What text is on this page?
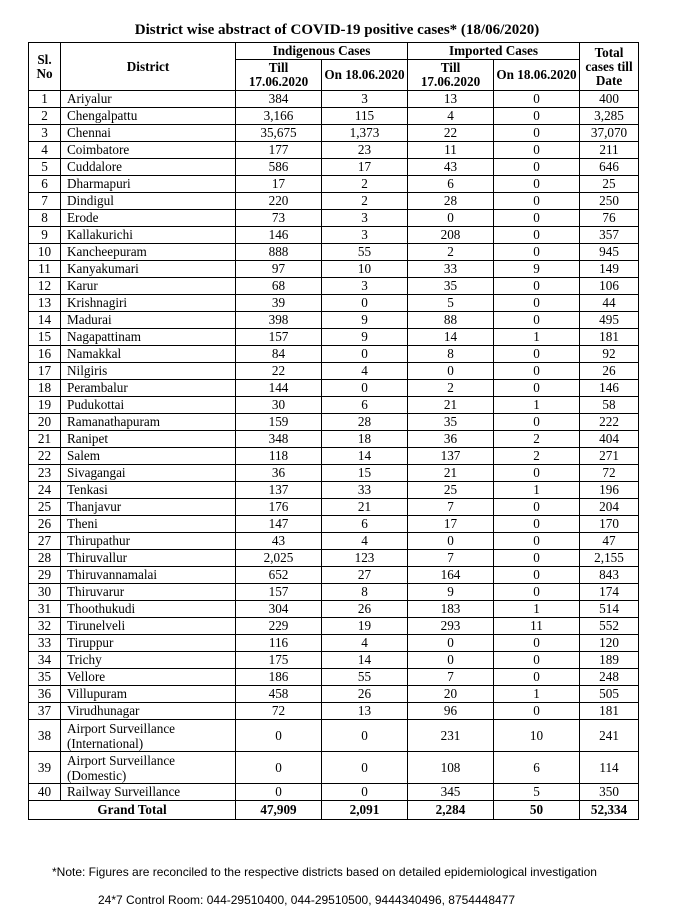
District wise abstract of COVID-19 positive cases* (18/06/2020)
Sl. No	District	Indigenous Cases		Imported Cases		Total cases till Date
		Till 17.06.2020	On 18.06.2020	Till 17.06.2020	On 18.06.2020	
1	Ariyalur	384	3	13	0	400
2	Chengalpattu	3,166	115	4	0	3,285
3	Chennai	35,675	1,373	22	0	37,070
4	Coimbatore	177	23	11	0	211
5	Cuddalore	586	17	43	0	646
6	Dharmapuri	17	2	6	0	25
7	Dindigul	220	2	28	0	250
8	Erode	73	3	0	0	76
9	Kallakurichi	146	3	208	0	357
10	Kancheepuram	888	55	2	0	945
11	Kanyakumari	97	10	33	9	149
12	Karur	68	3	35	0	106
13	Krishnagiri	39	0	5	0	44
14	Madurai	398	9	88	0	495
15	Nagapattinam	157	9	14	1	181
16	Namakkal	84	0	8	0	92
17	Nilgiris	22	4	0	0	26
18	Perambalur	144	0	2	0	146
19	Pudukottai	30	6	21	1	58
20	Ramanathapuram	159	28	35	0	222
21	Ranipet	348	18	36	2	404
22	Salem	118	14	137	2	271
23	Sivagangai	36	15	21	0	72
24	Tenkasi	137	33	25	1	196
25	Thanjavur	176	21	7	0	204
26	Theni	147	6	17	0	170
27	Thirupathur	43	4	0	0	47
28	Thiruvallur	2,025	123	7	0	2,155
29	Thiruvannamalai	652	27	164	0	843
30	Thiruvarur	157	8	9	0	174
31	Thoothukudi	304	26	183	1	514
32	Tirunelveli	229	19	293	11	552
33	Tiruppur	116	4	0	0	120
34	Trichy	175	14	0	0	189
35	Vellore	186	55	7	0	248
36	Villupuram	458	26	20	1	505
37	Virudhunagar	72	13	96	0	181
38	Airport Surveillance (International)	0	0	231	10	241
39	Airport Surveillance (Domestic)	0	0	108	6	114
40	Railway Surveillance	0	0	345	5	350
Grand Total		47,909	2,091	2,284	50	52,334
*Note: Figures are reconciled to the respective districts based on detailed epidemiological investigation
24*7 Control Room: 044-29510400, 044-29510500, 9444340496, 8754448477
